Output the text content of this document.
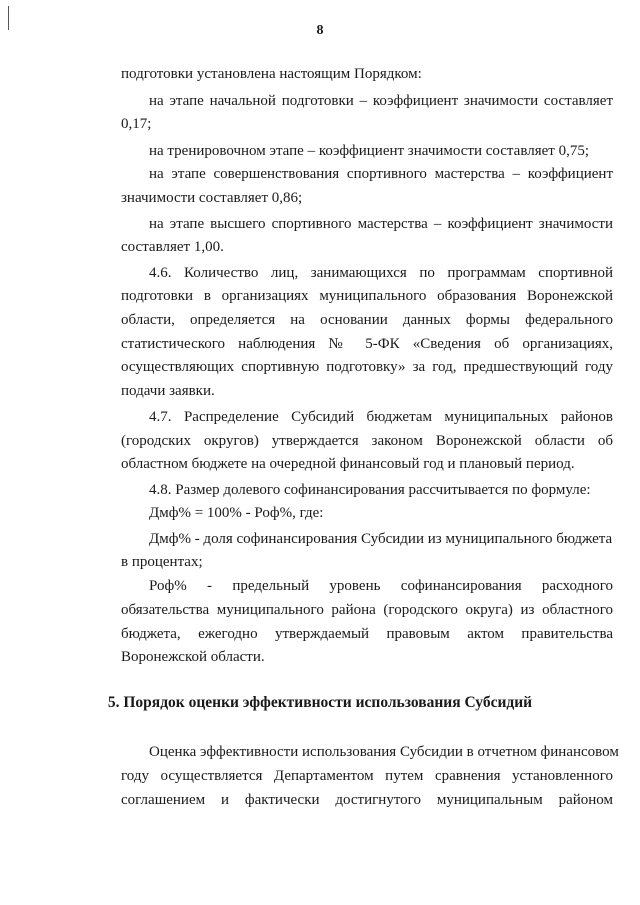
8
подготовки установлена настоящим Порядком:
на этапе начальной подготовки – коэффициент значимости составляет
0,17;
на тренировочном этапе – коэффициент значимости составляет 0,75;
на этапе совершенствования спортивного мастерства – коэффициент
значимости составляет 0,86;
на этапе высшего спортивного мастерства – коэффициент значимости
составляет 1,00.
4.6. Количество лиц, занимающихся по программам спортивной
подготовки в организациях муниципального образования Воронежской
области, определяется на основании данных формы федерального
статистического наблюдения № 5-ФК «Сведения об организациях,
осуществляющих спортивную подготовку» за год, предшествующий году
подачи заявки.
4.7. Распределение Субсидий бюджетам муниципальных районов
(городских округов) утверждается законом Воронежской области об
областном бюджете на очередной финансовый год и плановый период.
4.8. Размер долевого софинансирования рассчитывается по формуле:
Дмф% = 100% - Роф%, где:
Дмф% - доля софинансирования Субсидии из муниципального бюджета
в процентах;
Роф% - предельный уровень софинансирования расходного
обязательства муниципального района (городского округа) из областного
бюджета, ежегодно утверждаемый правовым актом правительства
Воронежской области.
5. Порядок оценки эффективности использования Субсидий
Оценка эффективности использования Субсидии в отчетном финансовом
году осуществляется Департаментом путем сравнения установленного
соглашением и фактически достигнутого муниципальным районом
